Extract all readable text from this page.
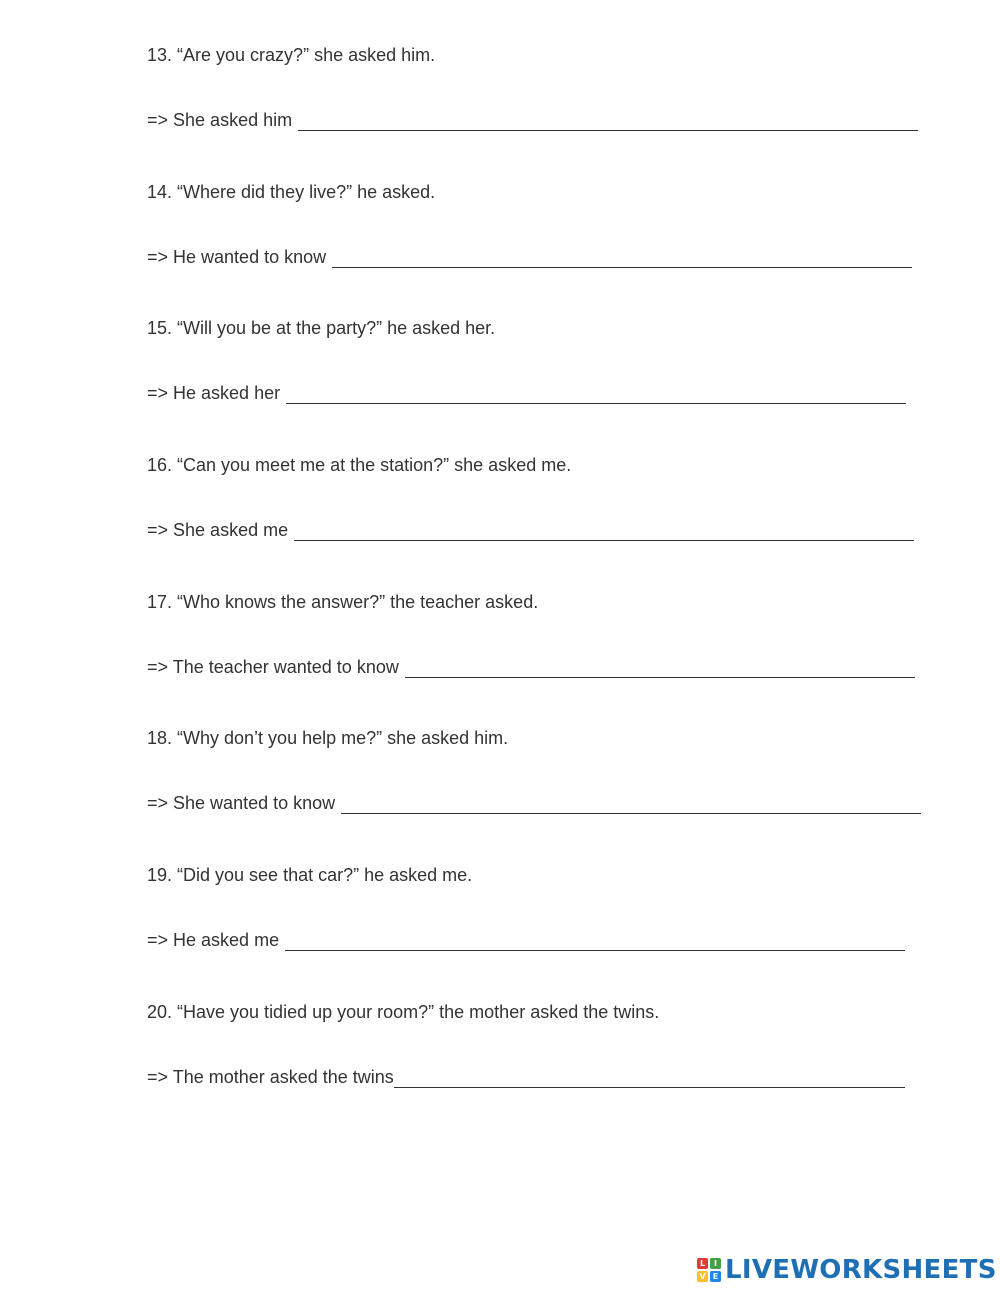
13. “Are you crazy?” she asked him.
=> She asked him
14. “Where did they live?” he asked.
=> He wanted to know
15. “Will you be at the party?” he asked her.
=> He asked her
16. “Can you meet me at the station?” she asked me.
=> She asked me
17. “Who knows the answer?” the teacher asked.
=> The teacher wanted to know
18. “Why don’t you help me?” she asked him.
=> She wanted to know
19. “Did you see that car?” he asked me.
=> He asked me
20. “Have you tidied up your room?” the mother asked the twins.
=> The mother asked the twins
L	I
V E LIVEWORKSHEETS
